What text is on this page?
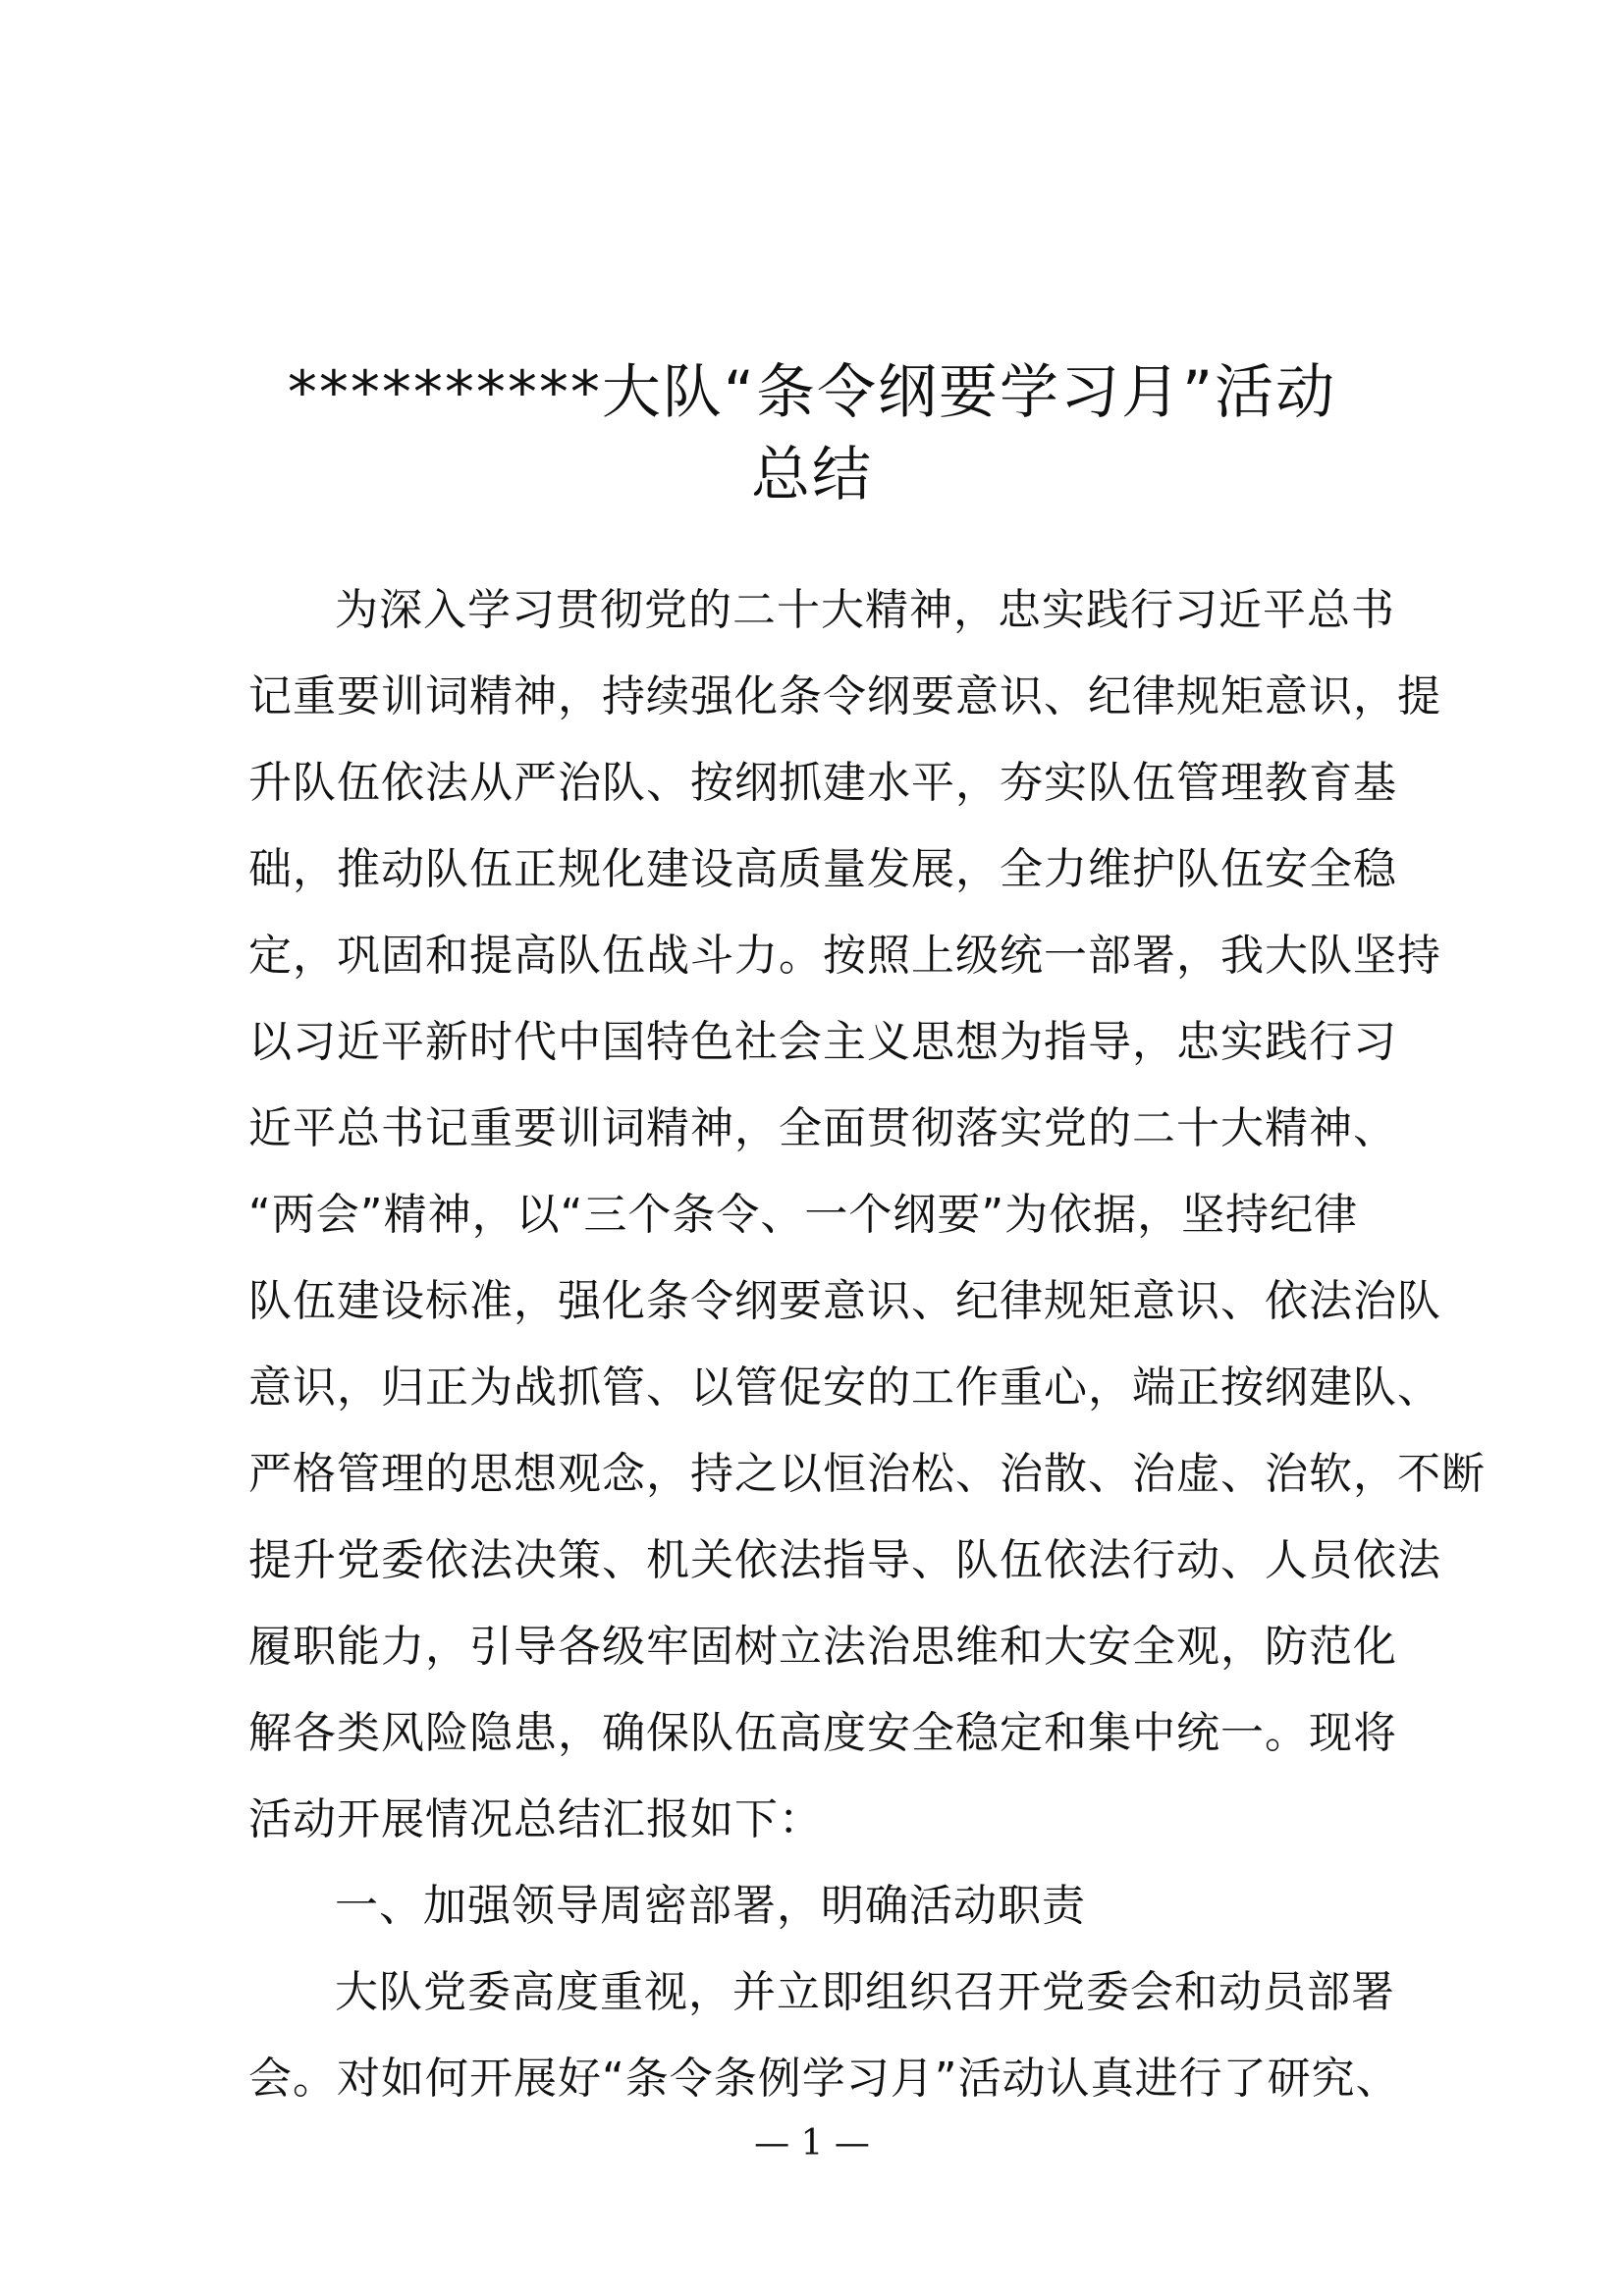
**********大队“条令纲要学习月”活动
总结
为深入学习贯彻党的二十大精神，忠实践行习近平总书
记重要训词精神，持续强化条令纲要意识、纪律规矩意识，提
升队伍依法从严治队、按纲抓建水平，夯实队伍管理教育基
础，推动队伍正规化建设高质量发展，全力维护队伍安全稳
定，巩固和提高队伍战斗力。按照上级统一部署，我大队坚持
以习近平新时代中国特色社会主义思想为指导，忠实践行习
近平总书记重要训词精神，全面贯彻落实党的二十大精神、
“两会”精神，以“三个条令、一个纲要”为依据，坚持纪律
队伍建设标准，强化条令纲要意识、纪律规矩意识、依法治队
意识，归正为战抓管、以管促安的工作重心，端正按纲建队、
严格管理的思想观念，持之以恒治松、治散、治虚、治软，不断
提升党委依法决策、机关依法指导、队伍依法行动、人员依法
履职能力，引导各级牢固树立法治思维和大安全观，防范化
解各类风险隐患，确保队伍高度安全稳定和集中统一。现将
活动开展情况总结汇报如下：
一、加强领导周密部署，明确活动职责
大队党委高度重视，并立即组织召开党委会和动员部署
会。对如何开展好“条令条例学习月”活动认真进行了研究、
— 1 —
